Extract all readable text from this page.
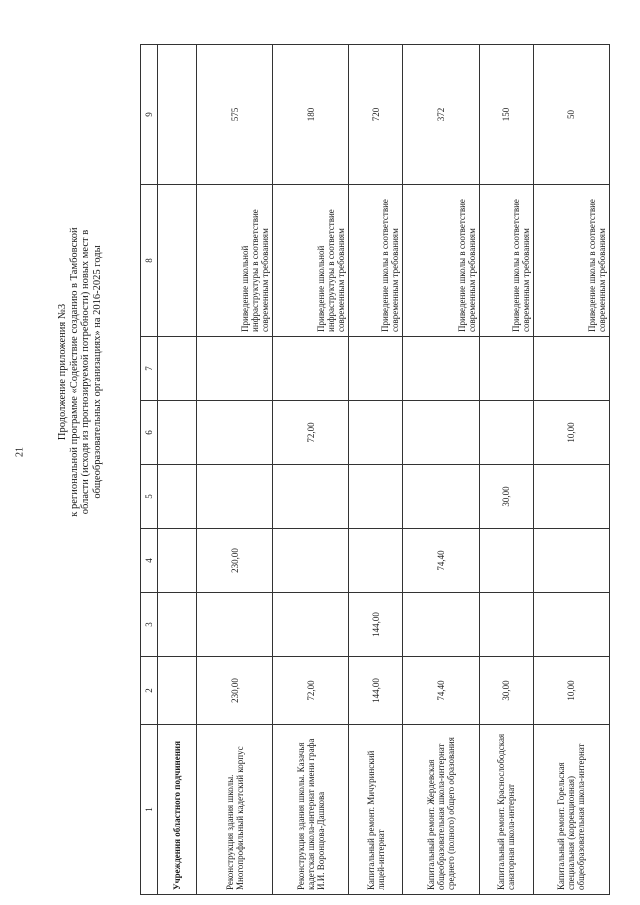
21
Продолжение приложения №3 к региональной программе «Содействие созданию в Тамбовской области (исходя из прогнозируемой потребности) новых мест в общеобразовательных организациях» на 2016-2025 годы
1	2	3	4	5	6	7	8	9
Учреждения областного подчинения								
Реконструкция здания школы. Многопрофильный кадетский корпус	230,00		230,00				Приведение школьной инфраструктуры в соответствие современным требованиям	575
Реконструкция здания школы. Казачья кадетская школа-интернат имени графа И.И. Воронцова-Дашкова	72,00				72,00		Приведение школьной инфраструктуры в соответствие современным требованиям	180
Капитальный ремонт. Мичуринский лицей-интернат	144,00	144,00					Приведение школы в соответствие современным требованиям	720
Капитальный ремонт. Жердевская общеобразовательная школа-интернат среднего (полного) общего образования	74,40		74,40				Приведение школы в соответствие современным требованиям	372
Капитальный ремонт. Краснослободская санаторная школа-интернат	30,00			30,00			Приведение школы в соответствие современным требованиям	150
Капитальный ремонт. Горельская специальная (коррекционная) общеобразовательная школа-интернат	10,00				10,00		Приведение школы в соответствие современным требованиям	50
